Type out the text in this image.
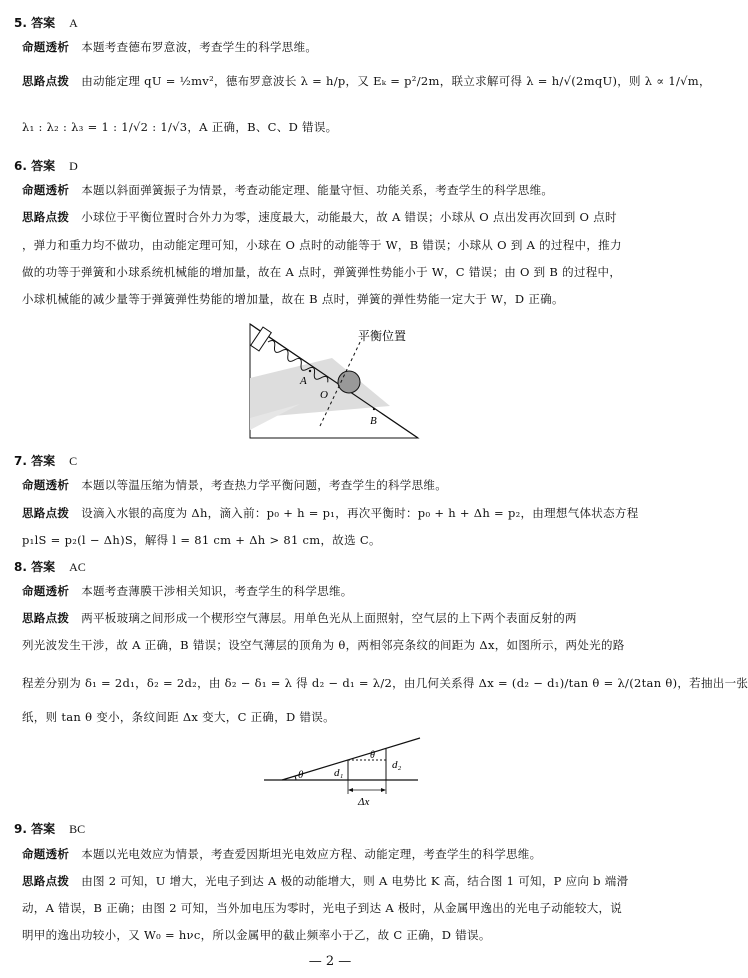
5. 答案 A
命题透析 本题考查德布罗意波，考查学生的科学思维。
思路点拨 由动能定理 qU = ½mv²，德布罗意波长 λ = h/p，又 Eₖ = p²/2m，联立求解可得 λ = h/√(2mqU)，则 λ ∝ 1/√m，
λ₁ : λ₂ : λ₃ = 1 : 1/√2 : 1/√3，A 正确，B、C、D 错误。
6. 答案 D
命题透析 本题以斜面弹簧振子为情景，考查动能定理、能量守恒、功能关系，考查学生的科学思维。
思路点拨 小球位于平衡位置时合外力为零，速度最大，动能最大，故 A 错误；小球从 O 点出发再次回到 O 点时
，弹力和重力均不做功，由动能定理可知，小球在 O 点时的动能等于 W，B 错误；小球从 O 到 A 的过程中，推力
做的功等于弹簧和小球系统机械能的增加量，故在 A 点时，弹簧弹性势能小于 W，C 错误；由 O 到 B 的过程中，
小球机械能的减少量等于弹簧弹性势能的增加量，故在 B 点时，弹簧的弹性势能一定大于 W，D 正确。
平衡位置
A
O
B
7. 答案 C
命题透析 本题以等温压缩为情景，考查热力学平衡问题，考查学生的科学思维。
思路点拨 设滴入水银的高度为 Δh，滴入前：p₀ + h = p₁，再次平衡时：p₀ + h + Δh = p₂，由理想气体状态方程
p₁lS = p₂(l − Δh)S，解得 l = 81 cm + Δh > 81 cm，故选 C。
8. 答案 AC
命题透析 本题考查薄膜干涉相关知识，考查学生的科学思维。
思路点拨 两平板玻璃之间形成一个楔形空气薄层。用单色光从上面照射，空气层的上下两个表面反射的两
列光波发生干涉，故 A 正确，B 错误；设空气薄层的顶角为 θ，两相邻亮条纹的间距为 Δx，如图所示，两处光的路
程差分别为 δ₁ = 2d₁，δ₂ = 2d₂，由 δ₂ − δ₁ = λ 得 d₂ − d₁ = λ/2，由几何关系得 Δx = (d₂ − d₁)/tan θ = λ/(2tan θ)，若抽出一张
纸，则 tan θ 变小，条纹间距 Δx 变大，C 正确，D 错误。
θ	d₁
d₂
θ
Δx
9. 答案 BC
命题透析 本题以光电效应为情景，考查爱因斯坦光电效应方程、动能定理，考查学生的科学思维。
思路点拨 由图 2 可知，U 增大，光电子到达 A 极的动能增大，则 A 电势比 K 高，结合图 1 可知，P 应向 b 端滑
动，A 错误，B 正确；由图 2 可知，当外加电压为零时，光电子到达 A 极时，从金属甲逸出的光电子动能较大，说
明甲的逸出功较小，又 W₀ = hνc，所以金属甲的截止频率小于乙，故 C 正确，D 错误。
— 2 —
